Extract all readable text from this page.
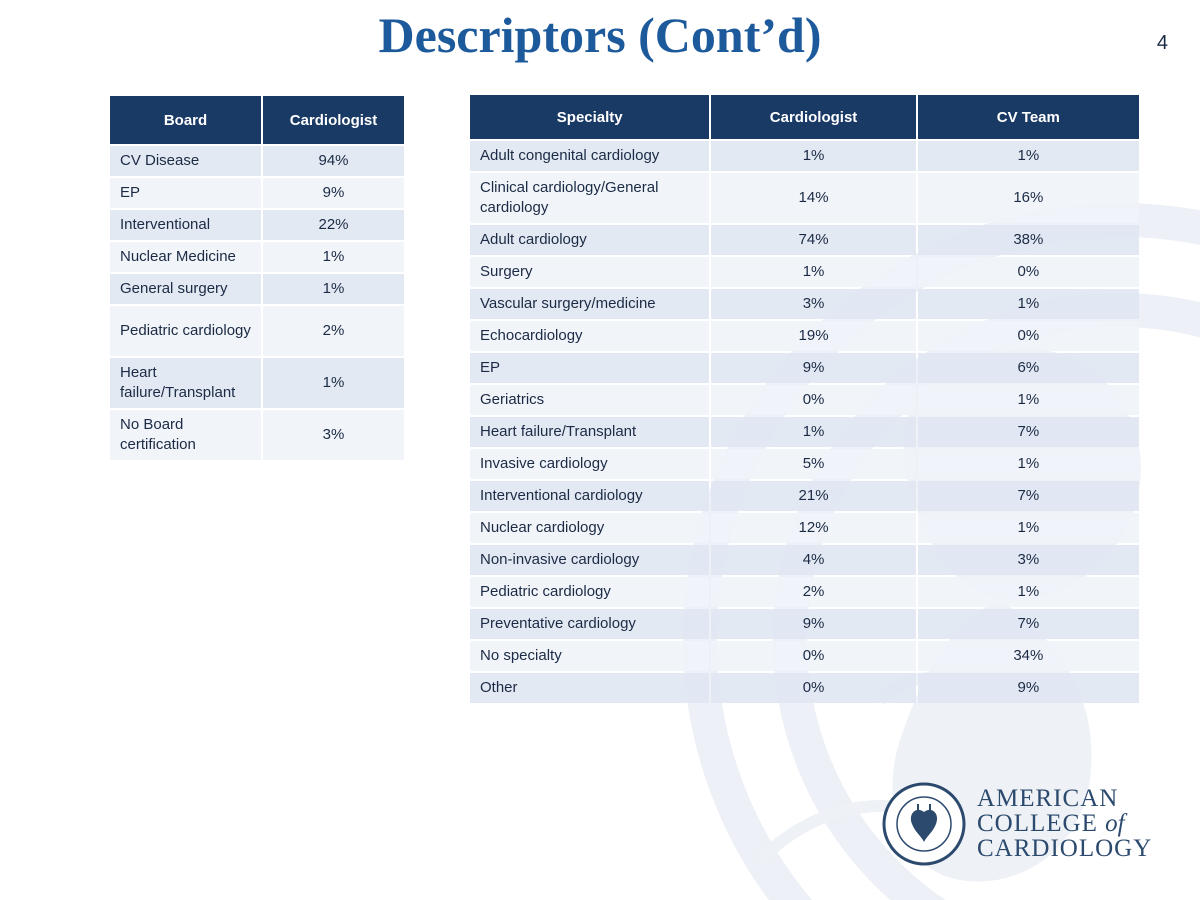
Descriptors (Cont’d)	4
Board	Cardiologist
CV Disease	94%
EP	9%
Interventional	22%
Nuclear Medicine	1%
General surgery	1%
Pediatric cardiology	2%
Heart failure/Transplant	1%
No Board certification	3%
Specialty	Cardiologist	CV Team
Adult congenital cardiology	1%	1%
Clinical cardiology/General cardiology	14%	16%
Adult cardiology	74%	38%
Surgery	1%	0%
Vascular surgery/medicine	3%	1%
Echocardiology	19%	0%
EP	9%	6%
Geriatrics	0%	1%
Heart failure/Transplant	1%	7%
Invasive cardiology	5%	1%
Interventional cardiology	21%	7%
Nuclear cardiology	12%	1%
Non-invasive cardiology	4%	3%
Pediatric cardiology	2%	1%
Preventative cardiology	9%	7%
No specialty	0%	34%
Other	0%	9%
AMERICAN
COLLEGE of
CARDIOLOGY
